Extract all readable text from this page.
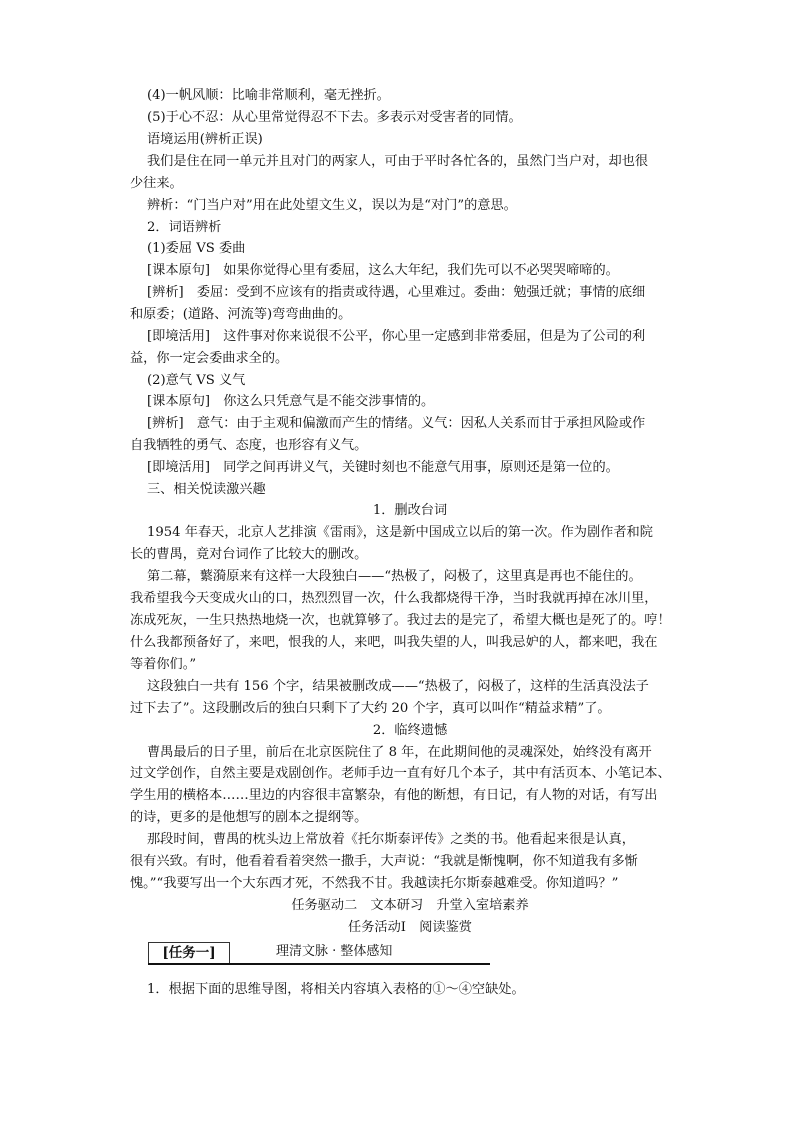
(4)一帆风顺：比喻非常顺利，毫无挫折。
(5)于心不忍：从心里常觉得忍不下去。多表示对受害者的同情。
语境运用(辨析正误)
我们是住在同一单元并且对门的两家人，可由于平时各忙各的，虽然门当户对，却也很
少往来。
辨析：“门当户对”用在此处望文生义，误以为是“对门”的意思。
2．词语辨析
(1)委屈 VS 委曲
[课本原句]　如果你觉得心里有委屈，这么大年纪，我们先可以不必哭哭啼啼的。
[辨析]　委屈：受到不应该有的指责或待遇，心里难过。委曲：勉强迁就；事情的底细
和原委；(道路、河流等)弯弯曲曲的。
[即境活用]　这件事对你来说很不公平，你心里一定感到非常委屈，但是为了公司的利
益，你一定会委曲求全的。
(2)意气 VS 义气
[课本原句]　你这么只凭意气是不能交涉事情的。
[辨析]　意气：由于主观和偏激而产生的情绪。义气：因私人关系而甘于承担风险或作
自我牺牲的勇气、态度，也形容有义气。
[即境活用]　同学之间再讲义气，关键时刻也不能意气用事，原则还是第一位的。
三、相关悦读激兴趣
1．删改台词
1954 年春天，北京人艺排演《雷雨》，这是新中国成立以后的第一次。作为剧作者和院
长的曹禺，竟对台词作了比较大的删改。
第二幕，蘩漪原来有这样一大段独白——“热极了，闷极了，这里真是再也不能住的。
我希望我今天变成火山的口，热烈烈冒一次，什么我都烧得干净，当时我就再掉在冰川里，
冻成死灰，一生只热热地烧一次，也就算够了。我过去的是完了，希望大概也是死了的。哼！
什么我都预备好了，来吧，恨我的人，来吧，叫我失望的人，叫我忌妒的人，都来吧，我在
等着你们。”
这段独白一共有 156 个字，结果被删改成——“热极了，闷极了，这样的生活真没法子
过下去了”。这段删改后的独白只剩下了大约 20 个字，真可以叫作“精益求精”了。
2．临终遗憾
曹禺最后的日子里，前后在北京医院住了 8 年，在此期间他的灵魂深处，始终没有离开
过文学创作，自然主要是戏剧创作。老师手边一直有好几个本子，其中有活页本、小笔记本、
学生用的横格本……里边的内容很丰富繁杂，有他的断想，有日记，有人物的对话，有写出
的诗，更多的是他想写的剧本之提纲等。
那段时间，曹禺的枕头边上常放着《托尔斯泰评传》之类的书。他看起来很是认真，
很有兴致。有时，他看着看着突然一撒手，大声说：“我就是惭愧啊，你不知道我有多惭
愧。”“我要写出一个大东西才死，不然我不甘。我越读托尔斯泰越难受。你知道吗？”
任务驱动二　文本研习　升堂入室培素养
任务活动Ⅰ　阅读鉴赏
[任务一]	理清文脉 · 整体感知
1．根据下面的思维导图，将相关内容填入表格的①～④空缺处。
